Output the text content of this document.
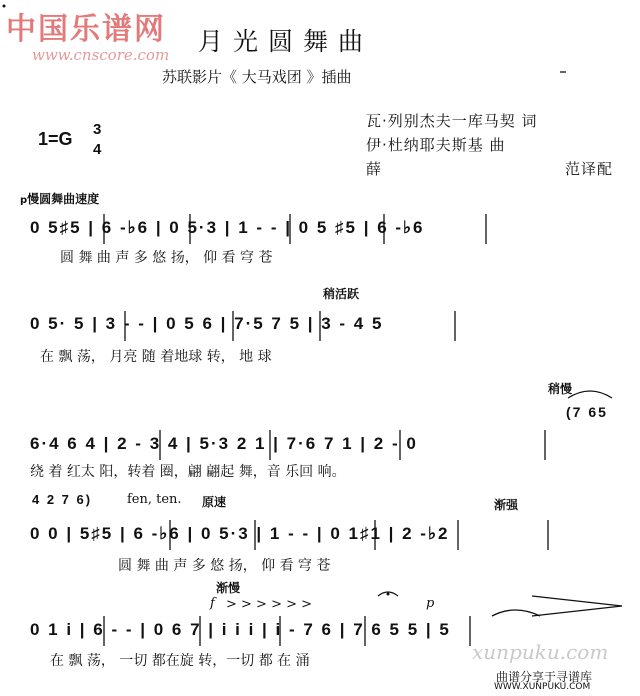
中国乐谱网
www.cnscore.com 月光圆舞曲
苏联影片《 大马戏团 》插曲
1=G 3
4
瓦·列别杰夫一库马契 词
伊·杜纳耶夫斯基 曲
薛	范译配
p慢圆舞曲速度
0 5♯5 | 6 -♭6 | 0 5·3 | 1 - - | 0 5 ♯5 | 6 -♭6
圆 舞 曲 声 多 悠 扬， 仰 看 穹 苍
稍活跃
0 5· 5 | 3 - - | 0 5 6 | 7·5 7 5 | 3 - 4 5
在 飘 荡， 月亮 随 着地球 转， 地 球
稍慢
(7 65
6·4 6 4 | 2 - 3 4 | 5·3 2 1 | 7·6 7 1 | 2 - 0
绕 着 红太 阳，转着 圈，翩 翩起 舞，音 乐回 响。
4 2 7 6)	fen, ten. 原速	渐强
0 0 | 5♯5 | 6 -♭6 | 0 5·3 | 1 - - | 0 1♯1 | 2 -♭2
圆 舞 曲 声 多 悠 扬， 仰 看 穹 苍
渐慢
f > > > > > >	p
0 1 i | 6 - - | 0 6 7 | i i i | i - 7 6 | 7 6 5 5 | 5
在 飘 荡， 一切 都在旋 转，一切 都 在 涌	xunpuku.com
曲谱分享于寻谱库
WWW.XUNPUKU.COM
